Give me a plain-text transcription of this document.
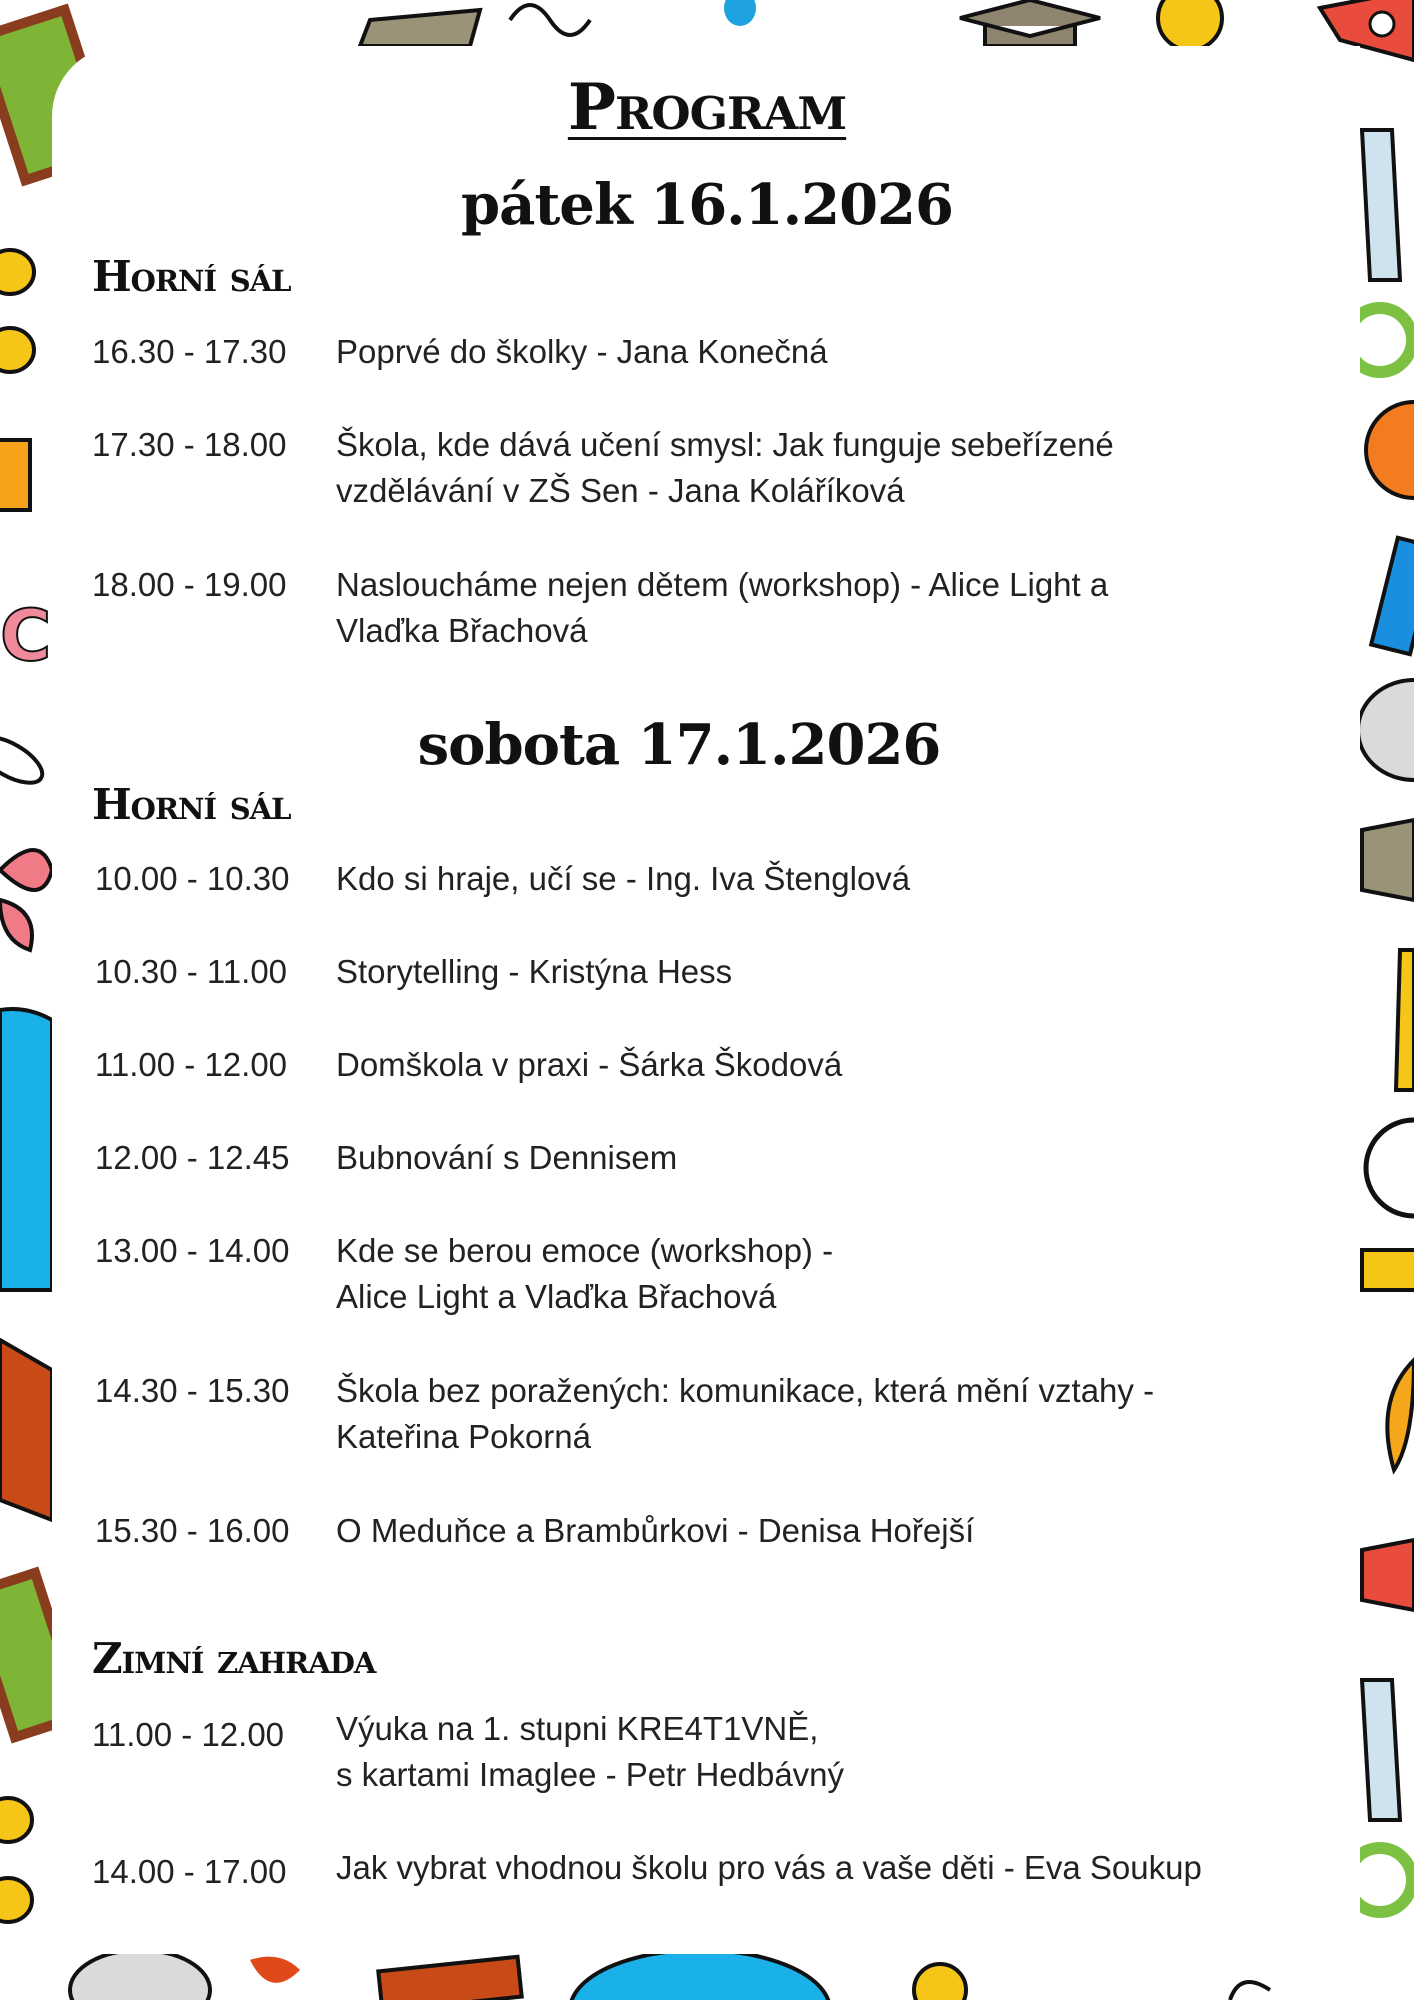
C
Program
pátek 16.1.2026
Horní sál
16.30 - 17.30 Poprvé do školky - Jana Konečná
17.30 - 18.00 Škola, kde dává učení smysl: Jak funguje sebeřízené
vzdělávání v ZŠ Sen - Jana Koláříková
18.00 - 19.00 Nasloucháme nejen dětem (workshop) - Alice Light a
Vlaďka Břachová
sobota 17.1.2026
Horní sál
10.00 - 10.30 Kdo si hraje, učí se - Ing. Iva Štenglová
10.30 - 11.00 Storytelling - Kristýna Hess
11.00 - 12.00 Domškola v praxi - Šárka Škodová
12.00 - 12.45 Bubnování s Dennisem
13.00 - 14.00 Kde se berou emoce (workshop) -
Alice Light a Vlaďka Břachová
14.30 - 15.30 Škola bez poražených: komunikace, která mění vztahy -
Kateřina Pokorná
15.30 - 16.00 O Meduňce a Brambůrkovi - Denisa Hořejší
Zimní zahrada
11.00 - 12.00 Výuka na 1. stupni KRE4T1VNĚ,
s kartami Imaglee - Petr Hedbávný
14.00 - 17.00 Jak vybrat vhodnou školu pro vás a vaše děti - Eva Soukup
